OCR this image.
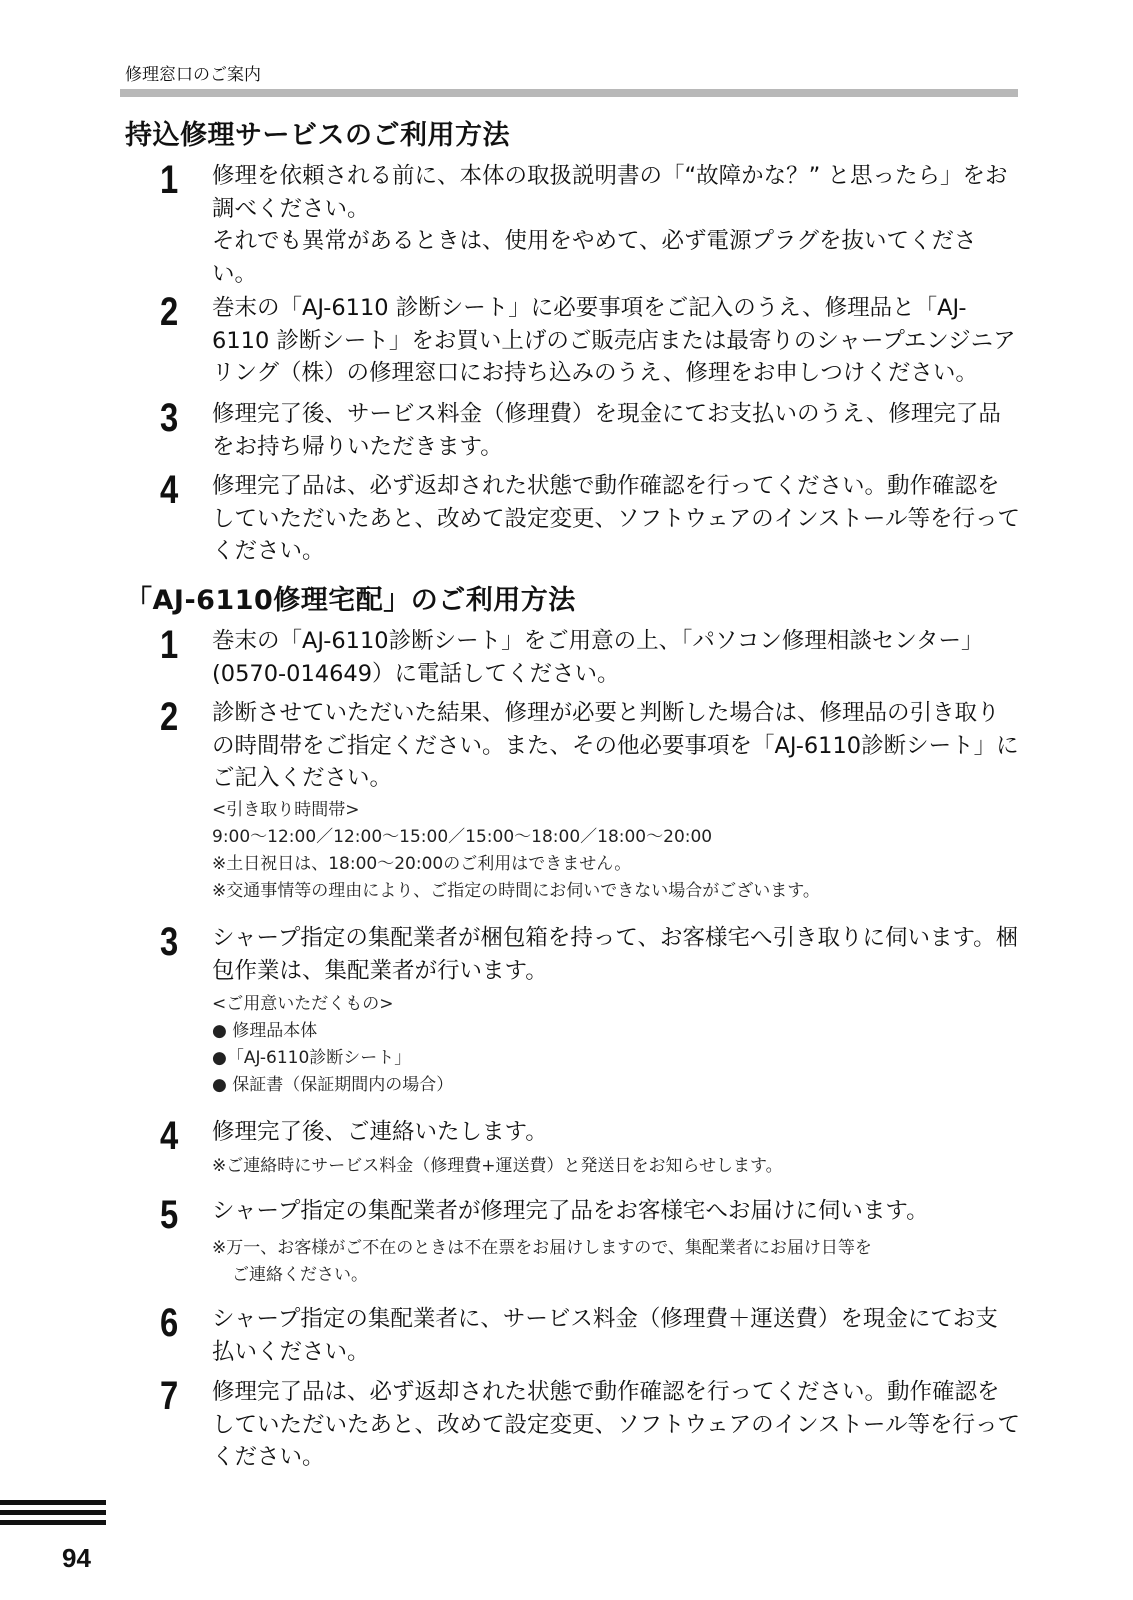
修理窓口のご案内
持込修理サービスのご利用方法
1	修理を依頼される前に、本体の取扱説明書の「“故障かな？” と思ったら」をお調べください。
それでも異常があるときは、使用をやめて、必ず電源プラグを抜いてください。
2	巻末の「AJ-6110 診断シート」に必要事項をご記入のうえ、修理品と「AJ-6110 診断シート」をお買い上げのご販売店または最寄りのシャープエンジニアリング（株）の修理窓口にお持ち込みのうえ、修理をお申しつけください。
3	修理完了後、サービス料金（修理費）を現金にてお支払いのうえ、修理完了品をお持ち帰りいただきます。
4	修理完了品は、必ず返却された状態で動作確認を行ってください。動作確認をしていただいたあと、改めて設定変更、ソフトウェアのインストール等を行ってください。
「AJ-6110修理宅配」のご利用方法
1	巻末の「AJ-6110診断シート」をご用意の上、「パソコン修理相談センター」(0570-014649）に電話してください。
2	診断させていただいた結果、修理が必要と判断した場合は、修理品の引き取りの時間帯をご指定ください。また、その他必要事項を「AJ-6110診断シート」にご記入ください。
<引き取り時間帯>
9:00～12:00／12:00～15:00／15:00～18:00／18:00～20:00
※土日祝日は、18:00～20:00のご利用はできません。
※交通事情等の理由により、ご指定の時間にお伺いできない場合がございます。
3	シャープ指定の集配業者が梱包箱を持って、お客様宅へ引き取りに伺います。梱包作業は、集配業者が行います。
<ご用意いただくもの>
● 修理品本体
●「AJ-6110診断シート」
● 保証書（保証期間内の場合）
4	修理完了後、ご連絡いたします。
※ご連絡時にサービス料金（修理費+運送費）と発送日をお知らせします。
5	シャープ指定の集配業者が修理完了品をお客様宅へお届けに伺います。
※万一、お客様がご不在のときは不在票をお届けしますので、集配業者にお届け日等を
ご連絡ください。
6	シャープ指定の集配業者に、サービス料金（修理費＋運送費）を現金にてお支払いください。
7	修理完了品は、必ず返却された状態で動作確認を行ってください。動作確認をしていただいたあと、改めて設定変更、ソフトウェアのインストール等を行ってください。
94
